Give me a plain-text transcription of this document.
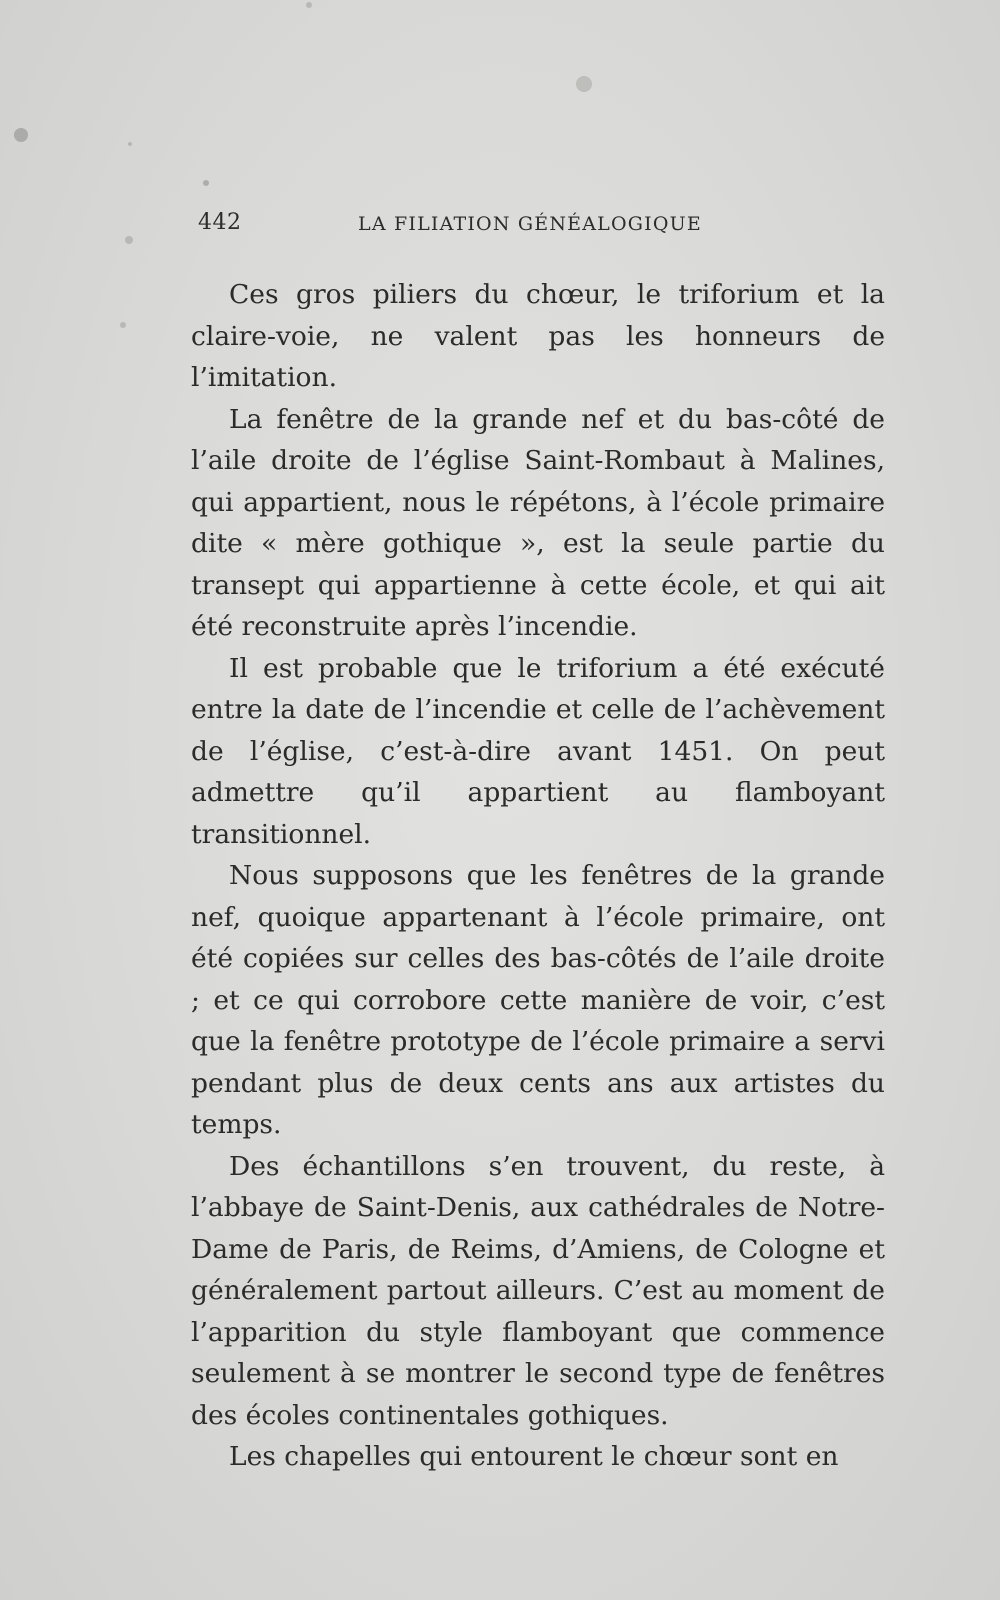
442	LA FILIATION GÉNÉALOGIQUE

Ces gros piliers du chœur, le triforium et la claire-voie, ne valent pas les honneurs de l’imitation.

La fenêtre de la grande nef et du bas-côté de l’aile droite de l’église Saint-Rombaut à Malines, qui appartient, nous le répétons, à l’école primaire dite « mère gothique », est la seule partie du transept qui appartienne à cette école, et qui ait été reconstruite après l’incendie.

Il est probable que le triforium a été exécuté entre la date de l’incendie et celle de l’achèvement de l’église, c’est-à-dire avant 1451. On peut admettre qu’il appartient au flamboyant transitionnel.

Nous supposons que les fenêtres de la grande nef, quoique appartenant à l’école primaire, ont été copiées sur celles des bas-côtés de l’aile droite ; et ce qui corrobore cette manière de voir, c’est que la fenêtre prototype de l’école primaire a servi pendant plus de deux cents ans aux artistes du temps.

Des échantillons s’en trouvent, du reste, à l’abbaye de Saint-Denis, aux cathédrales de Notre-Dame de Paris, de Reims, d’Amiens, de Cologne et généralement partout ailleurs. C’est au moment de l’apparition du style flamboyant que commence seulement à se montrer le second type de fenêtres des écoles continentales gothiques.

Les chapelles qui entourent le chœur sont en
